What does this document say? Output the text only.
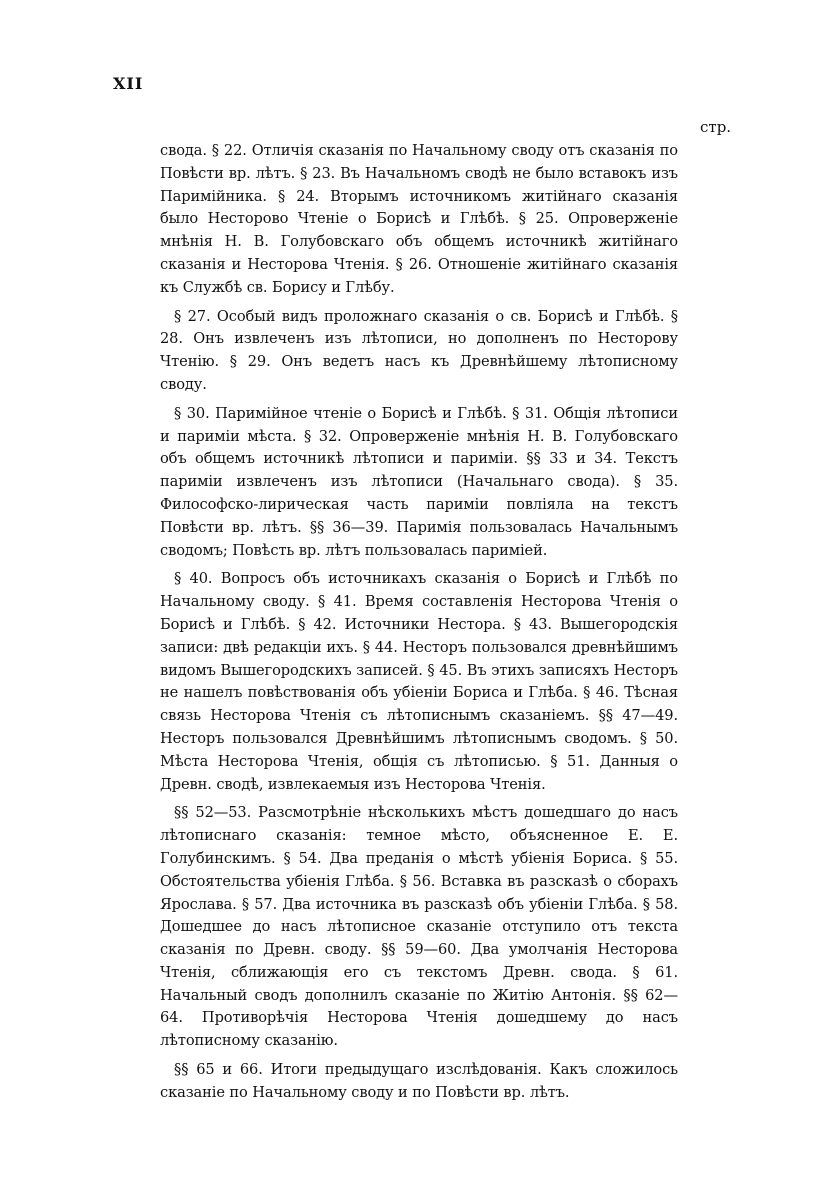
XII
стр.

свода. § 22. Отличія сказанія по Начальному своду отъ сказанія по Повѣсти вр. лѣтъ. § 23. Въ Начальномъ сводѣ не было вставокъ изъ Паримійника. § 24. Вторымъ источникомъ житійнаго сказанія было Несторово Чтеніе о Борисѣ и Глѣбѣ. § 25. Опроверженіе мнѣнія Н. В. Голубовскаго объ общемъ источникѣ житійнаго сказанія и Несторова Чтенія. § 26. Отношеніе житійнаго сказанія къ Службѣ св. Борису и Глѣбу.

§ 27. Особый видъ проложнаго сказанія о св. Борисѣ и Глѣбѣ. § 28. Онъ извлеченъ изъ лѣтописи, но дополненъ по Несторову Чтенію. § 29. Онъ ведетъ насъ къ Древнѣйшему лѣтописному своду.

§ 30. Паримійное чтеніе о Борисѣ и Глѣбѣ. § 31. Общія лѣтописи и паримiи мѣста. § 32. Опроверженіе мнѣнія Н. В. Голубовскаго объ общемъ источникѣ лѣтописи и паримiи. §§ 33 и 34. Текстъ паримiи извлеченъ изъ лѣтописи (Начальнаго свода). § 35. Философско-лирическая часть паримiи повліяла на текстъ Повѣсти вр. лѣтъ. §§ 36—39. Паримія пользовалась Начальнымъ сводомъ; Повѣсть вр. лѣтъ пользовалась паримiей.

§ 40. Вопросъ объ источникахъ сказанія о Борисѣ и Глѣбѣ по Начальному своду. § 41. Время составленія Несторова Чтенія о Борисѣ и Глѣбѣ. § 42. Источники Нестора. § 43. Вышегородскія записи: двѣ редакціи ихъ. § 44. Несторъ пользовался древнѣйшимъ видомъ Вышегородскихъ записей. § 45. Въ этихъ записяхъ Несторъ не нашелъ повѣствованія объ убіеніи Бориса и Глѣба. § 46. Тѣсная связь Несторова Чтенія съ лѣтописнымъ сказаніемъ. §§ 47—49. Несторъ пользовался Древнѣйшимъ лѣтописнымъ сводомъ. § 50. Мѣста Несторова Чтенія, общія съ лѣтописью. § 51. Данныя о Древн. сводѣ, извлекаемыя изъ Несторова Чтенія.

§§ 52—53. Разсмотрѣніе нѣсколькихъ мѣстъ дошедшаго до насъ лѣтописнаго сказанія: темное мѣсто, объясненное Е. Е. Голубинскимъ. § 54. Два преданія о мѣстѣ убіенія Бориса. § 55. Обстоятельства убіенія Глѣба. § 56. Вставка въ разсказѣ о сборахъ Ярослава. § 57. Два источника въ разсказѣ объ убіеніи Глѣба. § 58. Дошедшее до насъ лѣтописное сказаніе отступило отъ текста сказанія по Древн. своду. §§ 59—60. Два умолчанія Несторова Чтенія, сближающія его съ текстомъ Древн. свода. § 61. Начальный сводъ дополнилъ сказаніе по Житію Антонія. §§ 62—64. Противорѣчія Несторова Чтенія дошедшему до насъ лѣтописному сказанію.

§§ 65 и 66. Итоги предыдущаго изслѣдованія. Какъ сложилось сказаніе по Начальному своду и по Повѣсти вр. лѣтъ.
